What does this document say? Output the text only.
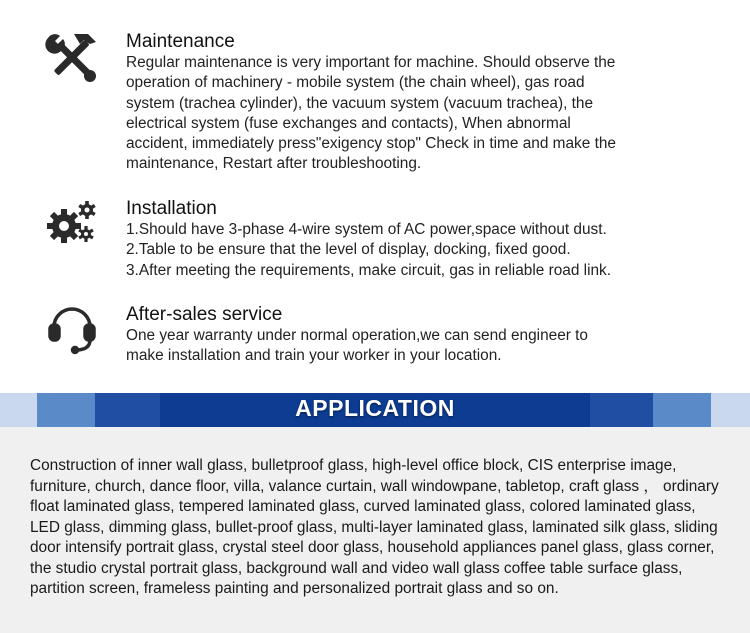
Maintenance
Regular maintenance is very important for machine. Should observe the
operation of machinery - mobile system (the chain wheel), gas road
system (trachea cylinder), the vacuum system (vacuum trachea), the
electrical system (fuse exchanges and contacts), When abnormal
accident, immediately press"exigency stop" Check in time and make the
maintenance, Restart after troubleshooting.
Installation
1.Should have 3-phase 4-wire system of AC power,space without dust.
2.Table to be ensure that the level of display, docking, fixed good.
3.After meeting the requirements, make circuit, gas in reliable road link.
After-sales service
One year warranty under normal operation,we can send engineer to
make installation and train your worker in your location.
APPLICATION
Construction of inner wall glass, bulletproof glass, high-level office block, CIS enterprise image, furniture, church, dance floor, villa, valance curtain, wall windowpane, tabletop, craft glass ， ordinary float laminated glass, tempered laminated glass, curved laminated glass, colored laminated glass, LED glass, dimming glass, bullet-proof glass, multi-layer laminated glass, laminated silk glass, sliding door intensify portrait glass, crystal steel door glass, household appliances panel glass, glass corner, the studio crystal portrait glass, background wall and video wall glass coffee table surface glass, partition screen, frameless painting and personalized portrait glass and so on.
